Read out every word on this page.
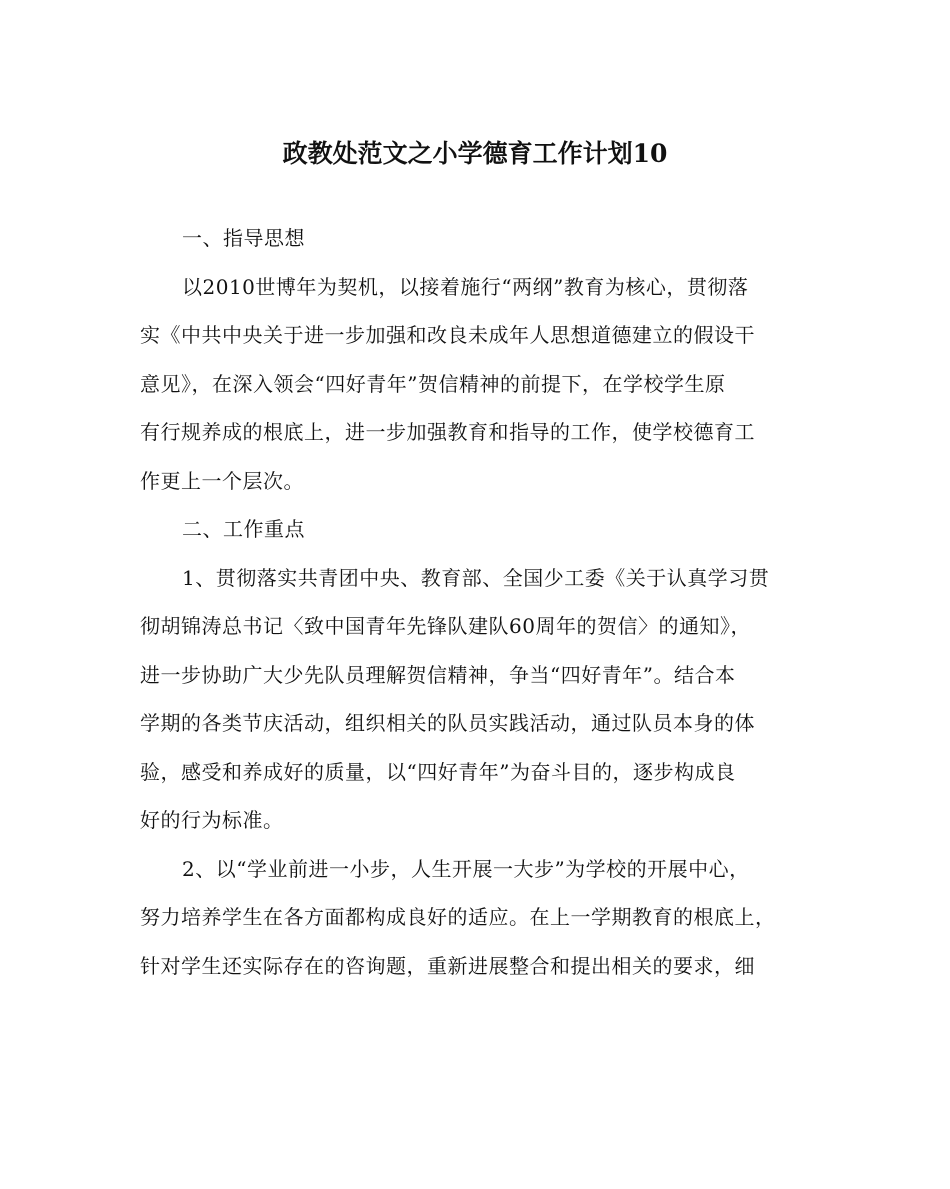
政教处范文之小学德育工作计划10

一、指导思想

以2010世博年为契机，以接着施行“两纲”教育为核心，贯彻落
实《中共中央关于进一步加强和改良未成年人思想道德建立的假设干
意见》，在深入领会“四好青年”贺信精神的前提下，在学校学生原
有行规养成的根底上，进一步加强教育和指导的工作，使学校德育工
作更上一个层次。

二、工作重点

1、贯彻落实共青团中央、教育部、全国少工委《关于认真学习贯
彻胡锦涛总书记〈致中国青年先锋队建队60周年的贺信〉的通知》，
进一步协助广大少先队员理解贺信精神，争当“四好青年”。结合本
学期的各类节庆活动，组织相关的队员实践活动，通过队员本身的体
验，感受和养成好的质量，以“四好青年”为奋斗目的，逐步构成良
好的行为标准。

2、以“学业前进一小步，人生开展一大步”为学校的开展中心，
努力培养学生在各方面都构成良好的适应。在上一学期教育的根底上，
针对学生还实际存在的咨询题，重新进展整合和提出相关的要求，细
